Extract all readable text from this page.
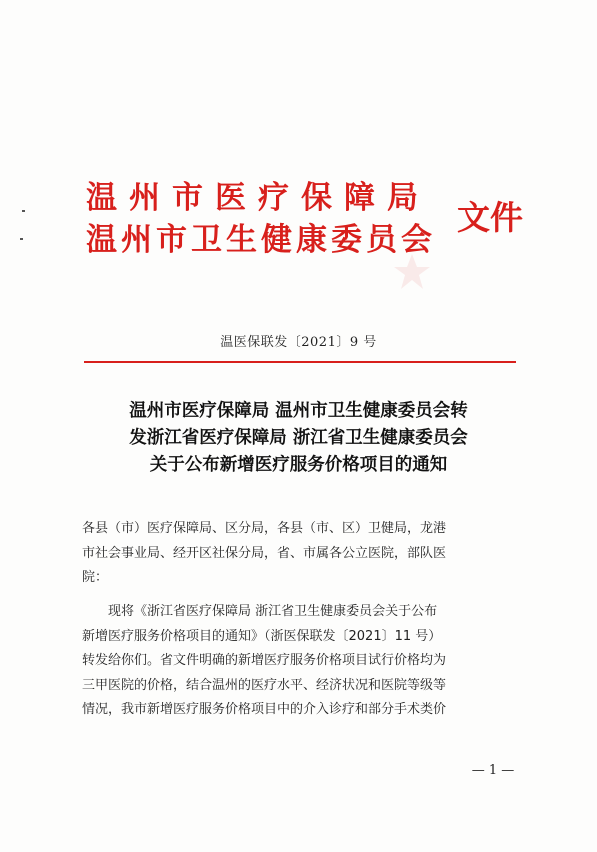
温州市医疗保障局
温州市卫生健康委员会
文件
温医保联发〔2021〕9 号
温州市医疗保障局 温州市卫生健康委员会转
发浙江省医疗保障局 浙江省卫生健康委员会
关于公布新增医疗服务价格项目的通知
各县（市）医疗保障局、区分局，各县（市、区）卫健局，龙港
市社会事业局、经开区社保分局，省、市属各公立医院，部队医
院：
现将《浙江省医疗保障局 浙江省卫生健康委员会关于公布
新增医疗服务价格项目的通知》（浙医保联发〔2021〕11 号）
转发给你们。省文件明确的新增医疗服务价格项目试行价格均为
三甲医院的价格，结合温州的医疗水平、经济状况和医院等级等
情况，我市新增医疗服务价格项目中的介入诊疗和部分手术类价
— 1 —
